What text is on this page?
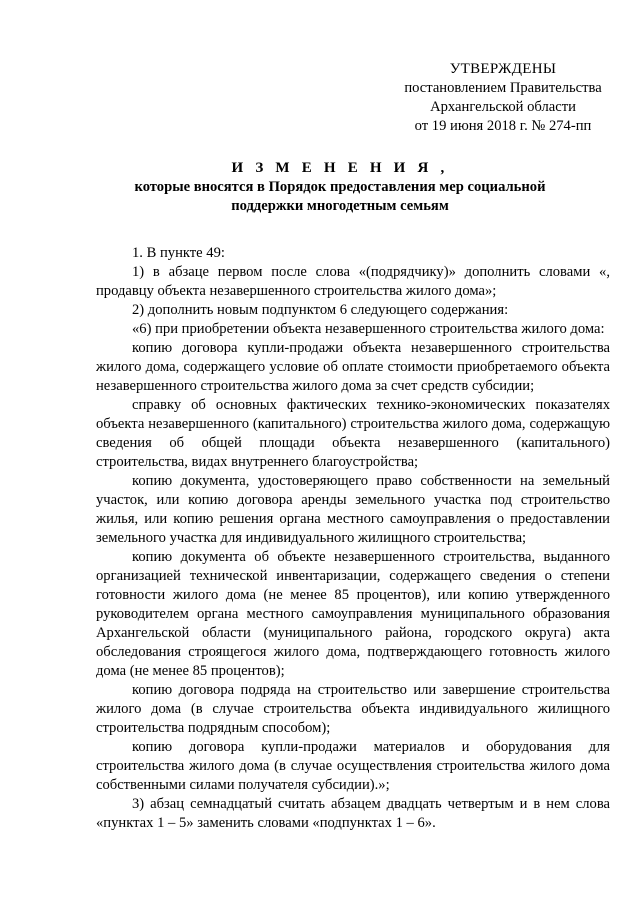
УТВЕРЖДЕНЫ
постановлением Правительства
Архангельской области
от 19 июня 2018 г. № 274-пп
И З М Е Н Е Н И Я ,
которые вносятся в Порядок предоставления мер социальной
поддержки многодетным семьям

1. В пункте 49:

1) в абзаце первом после слова «(подрядчику)» дополнить словами «, продавцу объекта незавершенного строительства жилого дома»;

2) дополнить новым подпунктом 6 следующего содержания:

«6) при приобретении объекта незавершенного строительства жилого дома:

копию договора купли-продажи объекта незавершенного строительства жилого дома, содержащего условие об оплате стоимости приобретаемого объекта незавершенного строительства жилого дома за счет средств субсидии;

справку об основных фактических технико-экономических показателях объекта незавершенного (капитального) строительства жилого дома, содержащую сведения об общей площади объекта незавершенного (капитального) строительства, видах внутреннего благоустройства;

копию документа, удостоверяющего право собственности на земельный участок, или копию договора аренды земельного участка под строительство жилья, или копию решения органа местного самоуправления о предоставлении земельного участка для индивидуального жилищного строительства;

копию документа об объекте незавершенного строительства, выданного организацией технической инвентаризации, содержащего сведения о степени готовности жилого дома (не менее 85 процентов), или копию утвержденного руководителем органа местного самоуправления муниципального образования Архангельской области (муниципального района, городского округа) акта обследования строящегося жилого дома, подтверждающего готовность жилого дома (не менее 85 процентов);

копию договора подряда на строительство или завершение строительства жилого дома (в случае строительства объекта индивидуального жилищного строительства подрядным способом);

копию договора купли-продажи материалов и оборудования для строительства жилого дома (в случае осуществления строительства жилого дома собственными силами получателя субсидии).»;

3) абзац семнадцатый считать абзацем двадцать четвертым и в нем слова «пунктах 1 – 5» заменить словами «подпунктах 1 – 6».
